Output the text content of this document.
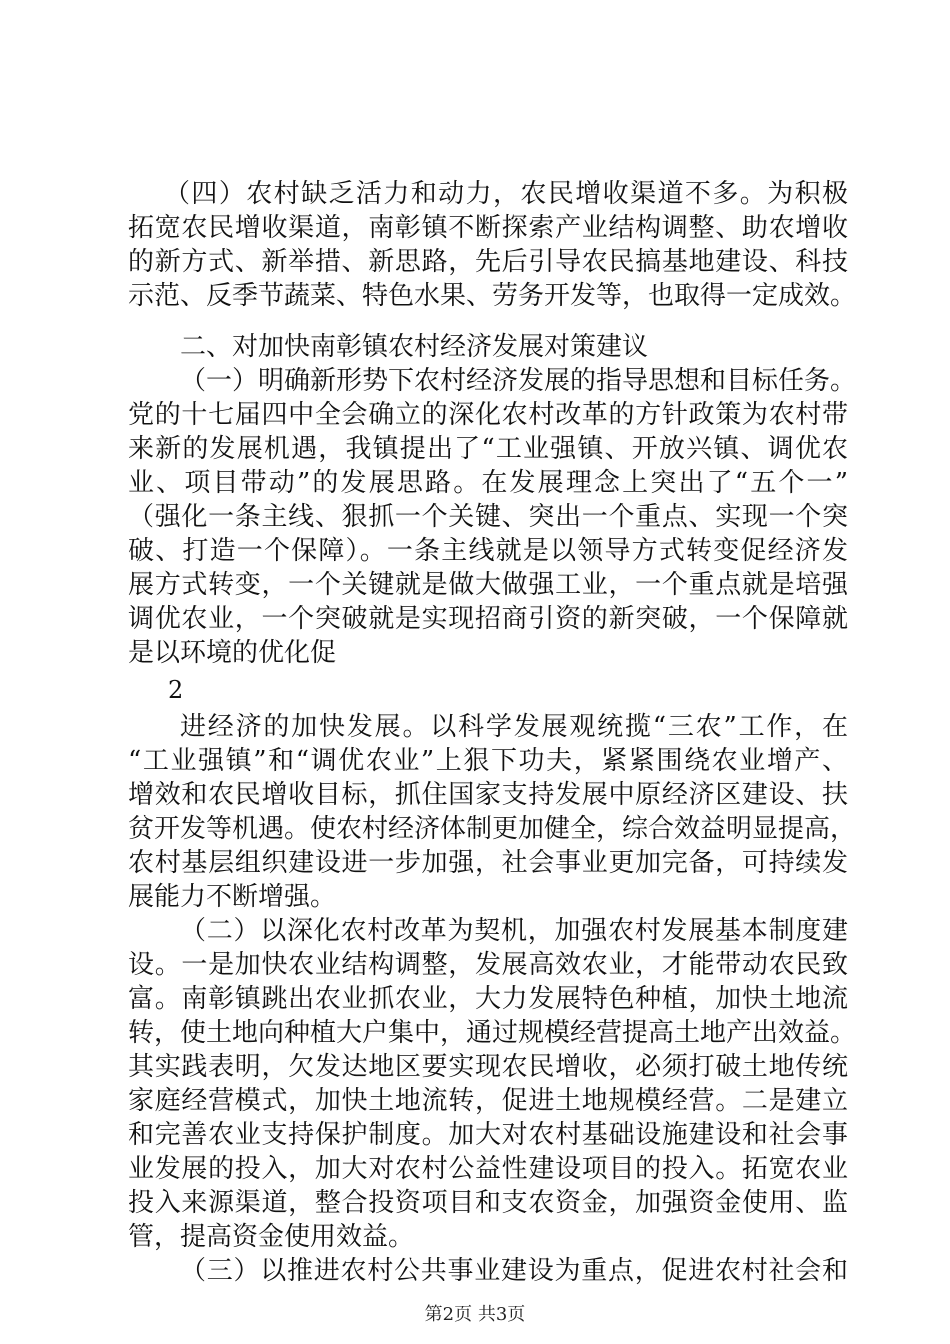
（四）农村缺乏活力和动力，农民增收渠道不多。为积极
拓宽农民增收渠道，南彰镇不断探索产业结构调整、助农增收
的新方式、新举措、新思路，先后引导农民搞基地建设、科技
示范、反季节蔬菜、特色水果、劳务开发等，也取得一定成效。
二、对加快南彰镇农村经济发展对策建议
（一）明确新形势下农村经济发展的指导思想和目标任务。
党的十七届四中全会确立的深化农村改革的方针政策为农村带
来新的发展机遇，我镇提出了“工业强镇、开放兴镇、调优农
业、项目带动”的发展思路。在发展理念上突出了“五个一”
（强化一条主线、狠抓一个关键、突出一个重点、实现一个突
破、打造一个保障）。一条主线就是以领导方式转变促经济发
展方式转变，一个关键就是做大做强工业，一个重点就是培强
调优农业，一个突破就是实现招商引资的新突破，一个保障就
是以环境的优化促
2
进经济的加快发展。以科学发展观统揽“三农”工作，在
“工业强镇”和“调优农业”上狠下功夫，紧紧围绕农业增产、
增效和农民增收目标，抓住国家支持发展中原经济区建设、扶
贫开发等机遇。使农村经济体制更加健全，综合效益明显提高，
农村基层组织建设进一步加强，社会事业更加完备，可持续发
展能力不断增强。
（二）以深化农村改革为契机，加强农村发展基本制度建
设。一是加快农业结构调整，发展高效农业，才能带动农民致
富。南彰镇跳出农业抓农业，大力发展特色种植，加快土地流
转，使土地向种植大户集中，通过规模经营提高土地产出效益。
其实践表明，欠发达地区要实现农民增收，必须打破土地传统
家庭经营模式，加快土地流转，促进土地规模经营。二是建立
和完善农业支持保护制度。加大对农村基础设施建设和社会事
业发展的投入，加大对农村公益性建设项目的投入。拓宽农业
投入来源渠道，整合投资项目和支农资金，加强资金使用、监
管，提高资金使用效益。
（三）以推进农村公共事业建设为重点，促进农村社会和
第2页 共3页
